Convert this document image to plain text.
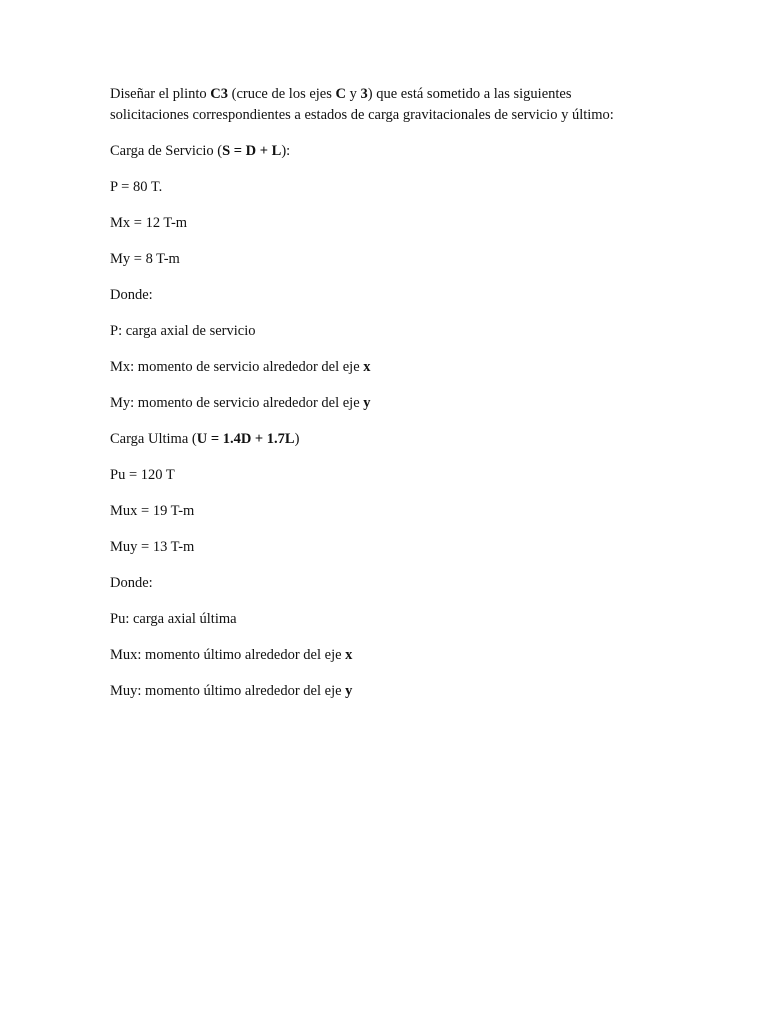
Diseñar el plinto C3 (cruce de los ejes C y 3) que está sometido a las siguientes
solicitaciones correspondientes a estados de carga gravitacionales de servicio y último:

Carga de Servicio (S = D + L):
P = 80 T.
Mx = 12 T-m
My = 8 T-m
Donde:
P: carga axial de servicio
Mx: momento de servicio alrededor del eje x
My: momento de servicio alrededor del eje y
Carga Ultima (U = 1.4D + 1.7L)
Pu = 120 T
Mux = 19 T-m
Muy = 13 T-m
Donde:
Pu: carga axial última
Mux: momento último alrededor del eje x
Muy: momento último alrededor del eje y
